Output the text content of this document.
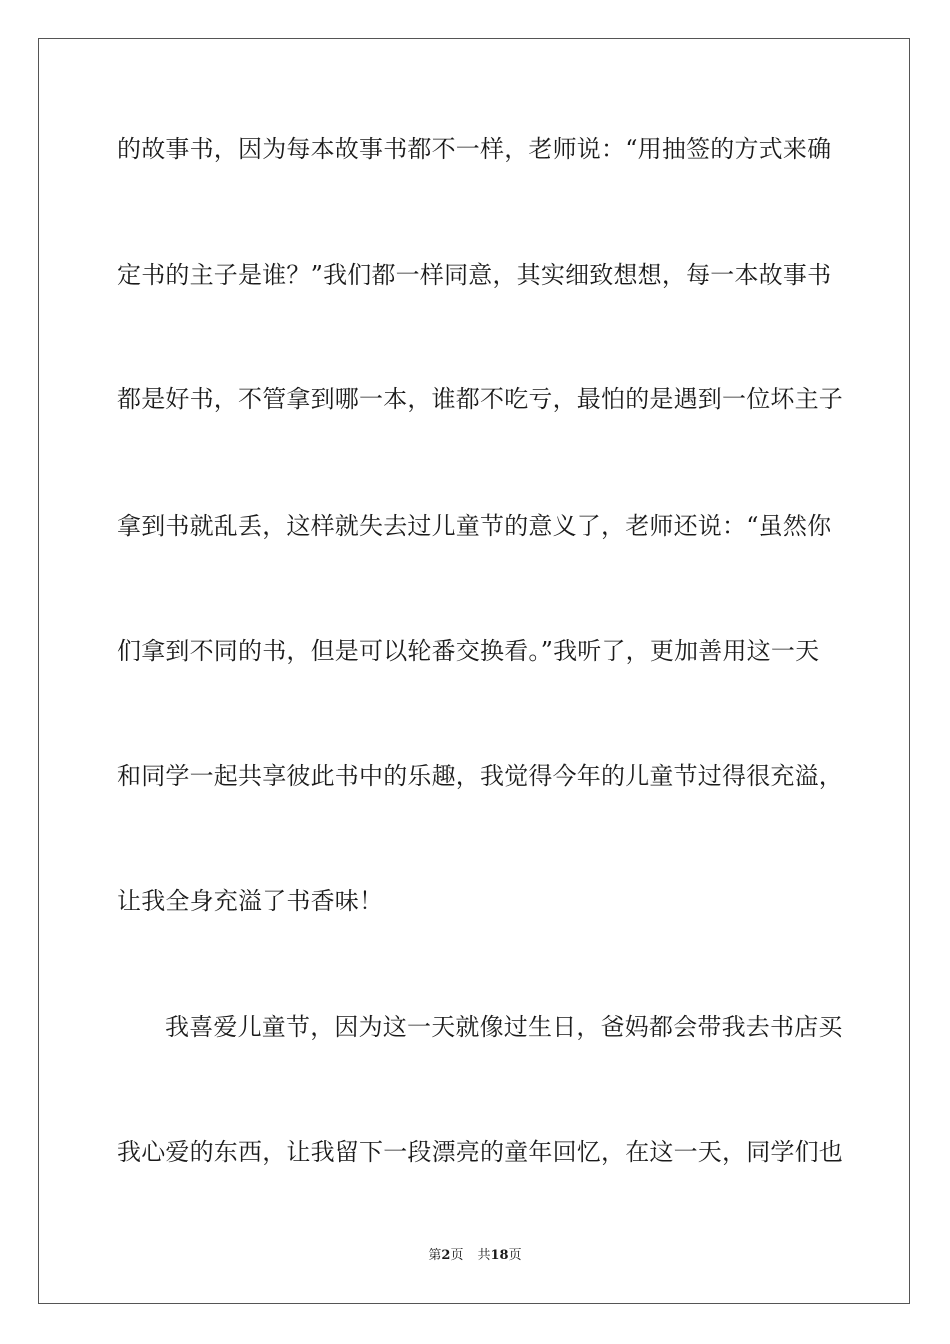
的故事书，因为每本故事书都不一样，老师说：“用抽签的方式来确
定书的主子是谁？”我们都一样同意，其实细致想想，每一本故事书
都是好书，不管拿到哪一本，谁都不吃亏，最怕的是遇到一位坏主子
拿到书就乱丢，这样就失去过儿童节的意义了，老师还说：“虽然你
们拿到不同的书，但是可以轮番交换看。”我听了，更加善用这一天
和同学一起共享彼此书中的乐趣，我觉得今年的儿童节过得很充溢，
让我全身充溢了书香味！
我喜爱儿童节，因为这一天就像过生日，爸妈都会带我去书店买
我心爱的东西，让我留下一段漂亮的童年回忆，在这一天，同学们也
第2页 共18页
